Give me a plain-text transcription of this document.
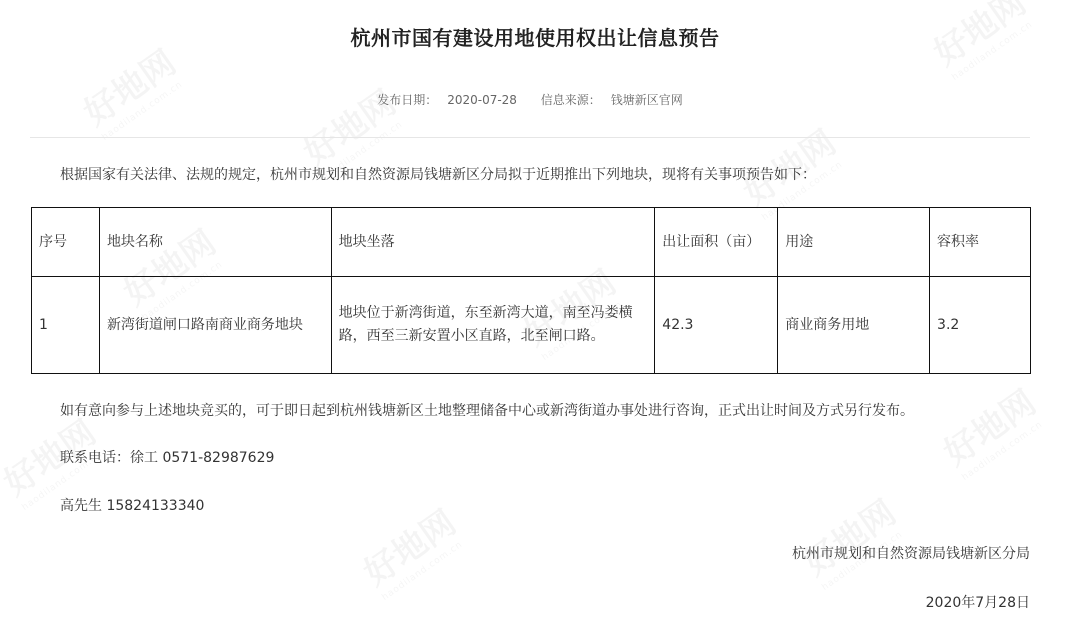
杭州市国有建设用地使用权出让信息预告
发布日期： 2020-07-28 信息来源： 钱塘新区官网
根据国家有关法律、法规的规定，杭州市规划和自然资源局钱塘新区分局拟于近期推出下列地块，现将有关事项预告如下：
序号	地块名称	地块坐落	出让面积（亩）	用途	容积率
1	新湾街道闸口路南商业商务地块	地块位于新湾街道，东至新湾大道，南至冯娄横路，西至三新安置小区直路，北至闸口路。	42.3	商业商务用地	3.2
如有意向参与上述地块竞买的，可于即日起到杭州钱塘新区土地整理储备中心或新湾街道办事处进行咨询，正式出让时间及方式另行发布。
联系电话：徐工 0571-82987629
高先生 15824133340
杭州市规划和自然资源局钱塘新区分局
2020年7月28日
